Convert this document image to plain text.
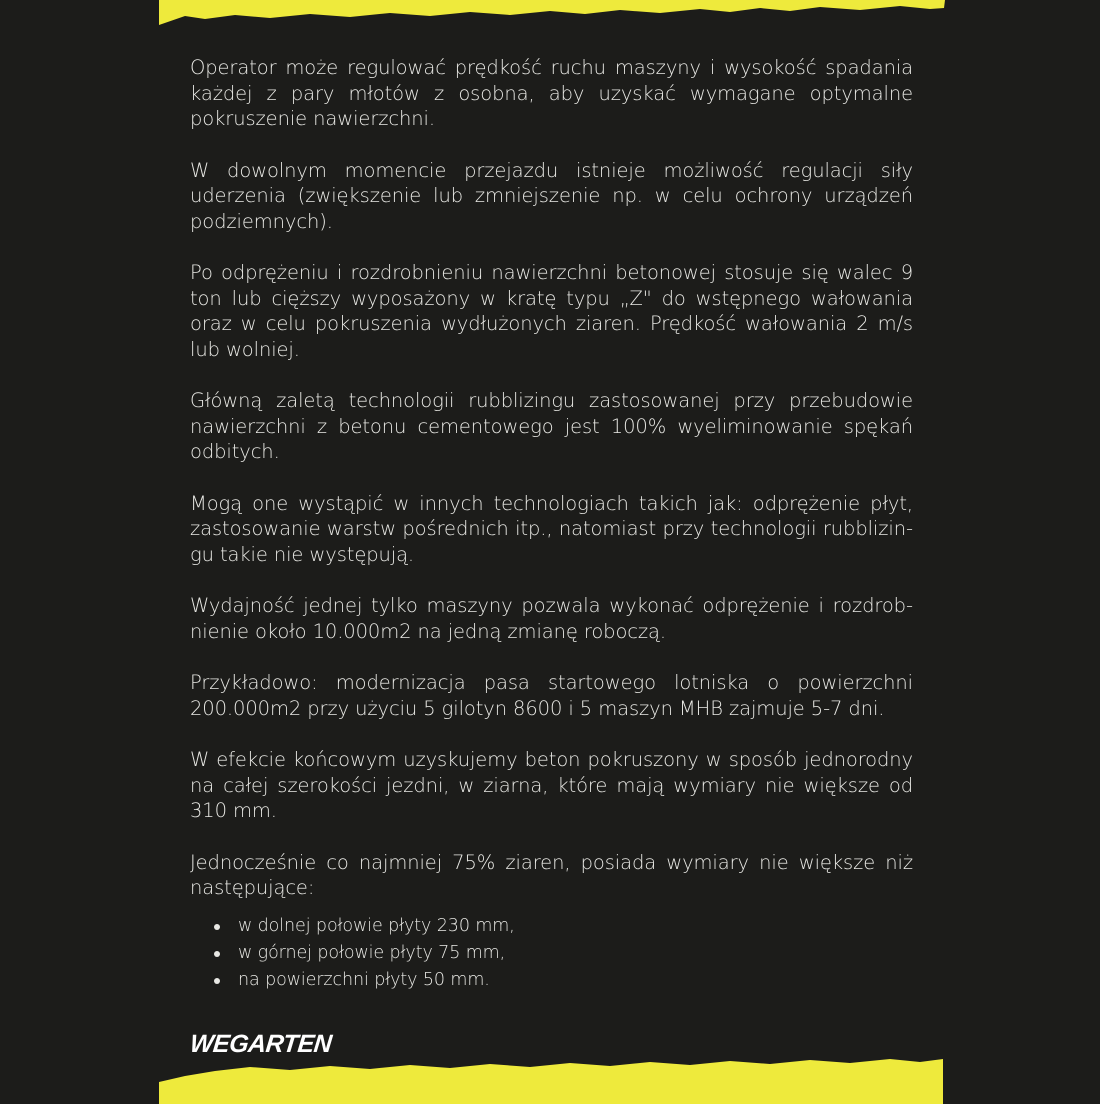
Operator może regulować prędkość ruchu maszyny i wysokość spadania każdej z pary młotów z osobna, aby uzyskać wymagane optymalne pokruszenie nawierzchni.

W dowolnym momencie przejazdu istnieje możliwość regulacji siły uderzenia (zwiększenie lub zmniejszenie np. w celu ochrony urządzeń podziemnych).

Po odprężeniu i rozdrobnieniu nawierzchni betonowej stosuje się walec 9 ton lub cięższy wyposażony w kratę typu „Z" do wstępnego wałowania oraz w celu pokruszenia wydłużonych ziaren. Prędkość wałowania 2 m/s lub wolniej.

Główną zaletą technologii rubblizingu zastosowanej przy przebudowie nawierzchni z betonu cementowego jest 100% wyeliminowanie spękań odbitych.

Mogą one wystąpić w innych technologiach takich jak: odprężenie płyt, zastosowanie warstw pośrednich itp., natomiast przy technologii rubblizingu takie nie występują.

Wydajność jednej tylko maszyny pozwala wykonać odprężenie i rozdrobnienie około 10.000m2 na jedną zmianę roboczą.

Przykładowo: modernizacja pasa startowego lotniska o powierzchni 200.000m2 przy użyciu 5 gilotyn 8600 i 5 maszyn MHB zajmuje 5-7 dni.

W efekcie końcowym uzyskujemy beton pokruszony w sposób jednorodny na całej szerokości jezdni, w ziarna, które mają wymiary nie większe od 310 mm.

Jednocześnie co najmniej 75% ziaren, posiada wymiary nie większe niż następujące:

w dolnej połowie płyty 230 mm,
w górnej połowie płyty 75 mm,
na powierzchni płyty 50 mm.
WEGARTEN
